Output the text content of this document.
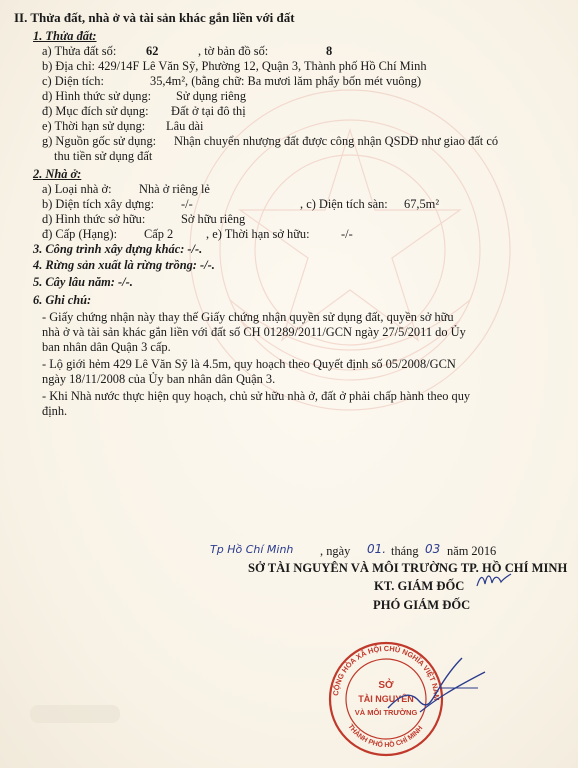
II. Thửa đất, nhà ở và tài sản khác gắn liền với đất
1. Thửa đất:
a) Thửa đất số: 62	, tờ bản đồ số:	8
b) Địa chỉ: 429/14F Lê Văn Sỹ, Phường 12, Quận 3, Thành phố Hồ Chí Minh
c) Diện tích:	35,4m², (bằng chữ: Ba mươi lăm phẩy bốn mét vuông)
d) Hình thức sử dụng: Sử dụng riêng
đ) Mục đích sử dụng: Đất ở tại đô thị
e) Thời hạn sử dụng: Lâu dài
g) Nguồn gốc sử dụng: Nhận chuyển nhượng đất được công nhận QSDĐ như giao đất có
thu tiền sử dụng đất
2. Nhà ở:
a) Loại nhà ở: Nhà ở riêng lẻ
b) Diện tích xây dựng: -/-	, c) Diện tích sàn: 67,5m²
d) Hình thức sở hữu:	Sở hữu riêng
đ) Cấp (Hạng): Cấp 2	, e) Thời hạn sở hữu:	-/-
3. Công trình xây dựng khác: -/-.
4. Rừng sản xuất là rừng trồng: -/-.
5. Cây lâu năm: -/-.
6. Ghi chú:
- Giấy chứng nhận này thay thế Giấy chứng nhận quyền sử dụng đất, quyền sở hữu
nhà ở và tài sản khác gắn liền với đất số CH 01289/2011/GCN ngày 27/5/2011 do Ủy
ban nhân dân Quận 3 cấp.
- Lộ giới hẻm 429 Lê Văn Sỹ là 4.5m, quy hoạch theo Quyết định số 05/2008/GCN
ngày 18/11/2008 của Ủy ban nhân dân Quận 3.
- Khi Nhà nước thực hiện quy hoạch, chủ sử hữu nhà ở, đất ở phải chấp hành theo quy
định.
Tp Hồ Chí Minh , ngày 01. tháng 03 năm 2016
SỞ TÀI NGUYÊN VÀ MÔI TRƯỜNG TP. HỒ CHÍ MINH
KT. GIÁM ĐỐC
PHÓ GIÁM ĐỐC
CỘNG HÒA XÃ HỘI CHỦ NGHĨA VIỆT NAM
THÀNH PHỐ HỒ CHÍ MINH
SỞ
TÀI NGUYÊN
VÀ MÔI TRƯỜNG
